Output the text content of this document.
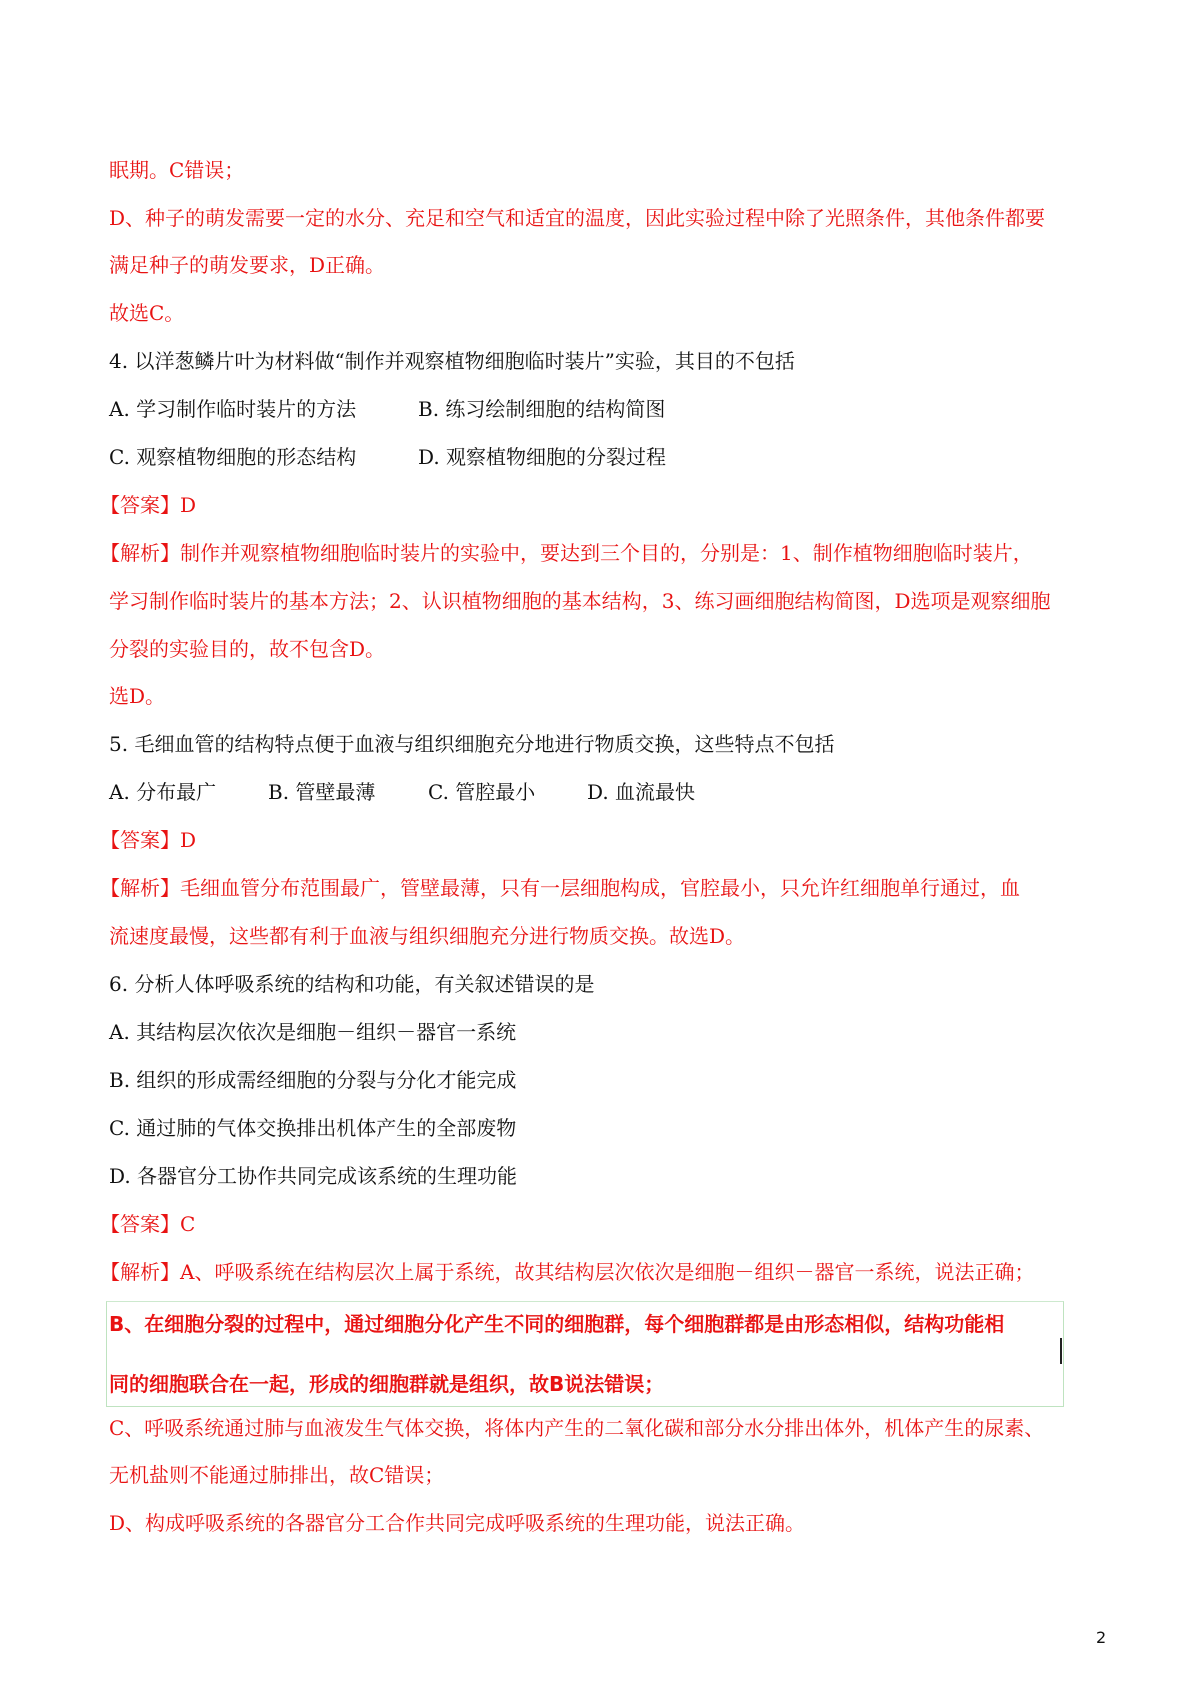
眠期。C错误；
D、种子的萌发需要一定的水分、充足和空气和适宜的温度，因此实验过程中除了光照条件，其他条件都要
满足种子的萌发要求，D正确。
故选C。
4. 以洋葱鳞片叶为材料做“制作并观察植物细胞临时装片”实验，其目的不包括
A. 学习制作临时装片的方法	B. 练习绘制细胞的结构简图
C. 观察植物细胞的形态结构	D. 观察植物细胞的分裂过程
【答案】D
【解析】制作并观察植物细胞临时装片的实验中，要达到三个目的，分别是：1、制作植物细胞临时装片，
学习制作临时装片的基本方法；2、认识植物细胞的基本结构，3、练习画细胞结构简图，D选项是观察细胞
分裂的实验目的，故不包含D。
选D。
5. 毛细血管的结构特点便于血液与组织细胞充分地进行物质交换，这些特点不包括
A. 分布最广	B. 管壁最薄	C. 管腔最小	D. 血流最快
【答案】D
【解析】毛细血管分布范围最广，管壁最薄，只有一层细胞构成，官腔最小，只允许红细胞单行通过，血
流速度最慢，这些都有利于血液与组织细胞充分进行物质交换。故选D。
6. 分析人体呼吸系统的结构和功能，有关叙述错误的是
A. 其结构层次依次是细胞－组织－器官一系统
B. 组织的形成需经细胞的分裂与分化才能完成
C. 通过肺的气体交换排出机体产生的全部废物
D. 各器官分工协作共同完成该系统的生理功能
【答案】C
【解析】A、呼吸系统在结构层次上属于系统，故其结构层次依次是细胞－组织－器官一系统，说法正确；
B、在细胞分裂的过程中，通过细胞分化产生不同的细胞群，每个细胞群都是由形态相似，结构功能相
同的细胞联合在一起，形成的细胞群就是组织，故B说法错误；
C、呼吸系统通过肺与血液发生气体交换，将体内产生的二氧化碳和部分水分排出体外，机体产生的尿素、
无机盐则不能通过肺排出，故C错误；
D、构成呼吸系统的各器官分工合作共同完成呼吸系统的生理功能，说法正确。
2
